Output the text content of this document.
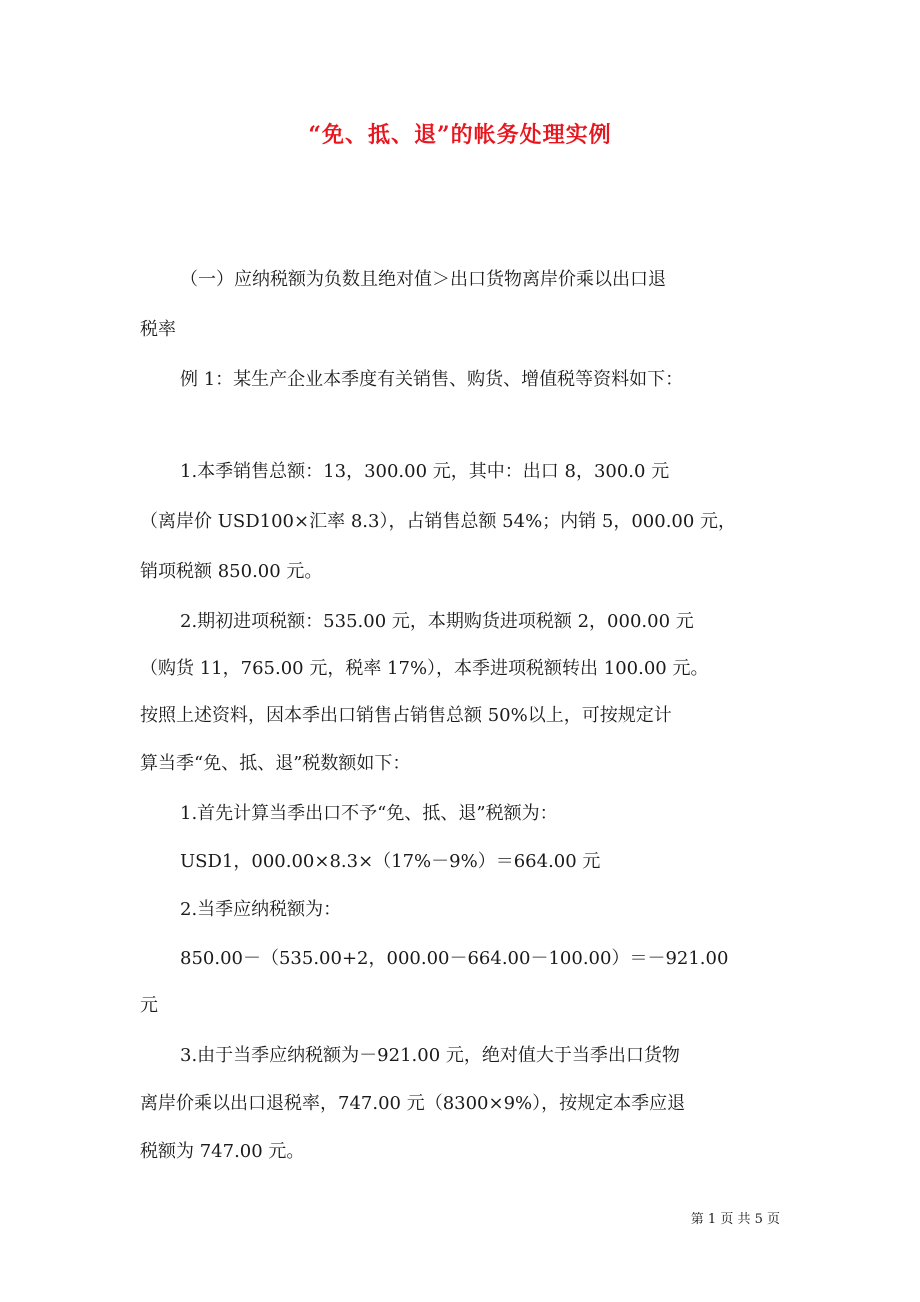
“免、抵、退”的帐务处理实例
（一）应纳税额为负数且绝对值＞出口货物离岸价乘以出口退
税率
例 1：某生产企业本季度有关销售、购货、增值税等资料如下：
1.本季销售总额：13，300.00 元，其中：出口 8，300.0 元
（离岸价 USD100×汇率 8.3），占销售总额 54%；内销 5，000.00 元，
销项税额 850.00 元。
2.期初进项税额：535.00 元，本期购货进项税额 2，000.00 元
（购货 11，765.00 元，税率 17%），本季进项税额转出 100.00 元。
按照上述资料，因本季出口销售占销售总额 50%以上，可按规定计
算当季“免、抵、退”税数额如下：
1.首先计算当季出口不予“免、抵、退”税额为：
USD1，000.00×8.3×（17%－9%）＝664.00 元
2.当季应纳税额为：
850.00－（535.00+2，000.00－664.00－100.00）＝－921.00
元
3.由于当季应纳税额为－921.00 元，绝对值大于当季出口货物
离岸价乘以出口退税率，747.00 元（8300×9%），按规定本季应退
税额为 747.00 元。
第 1 页 共 5 页
